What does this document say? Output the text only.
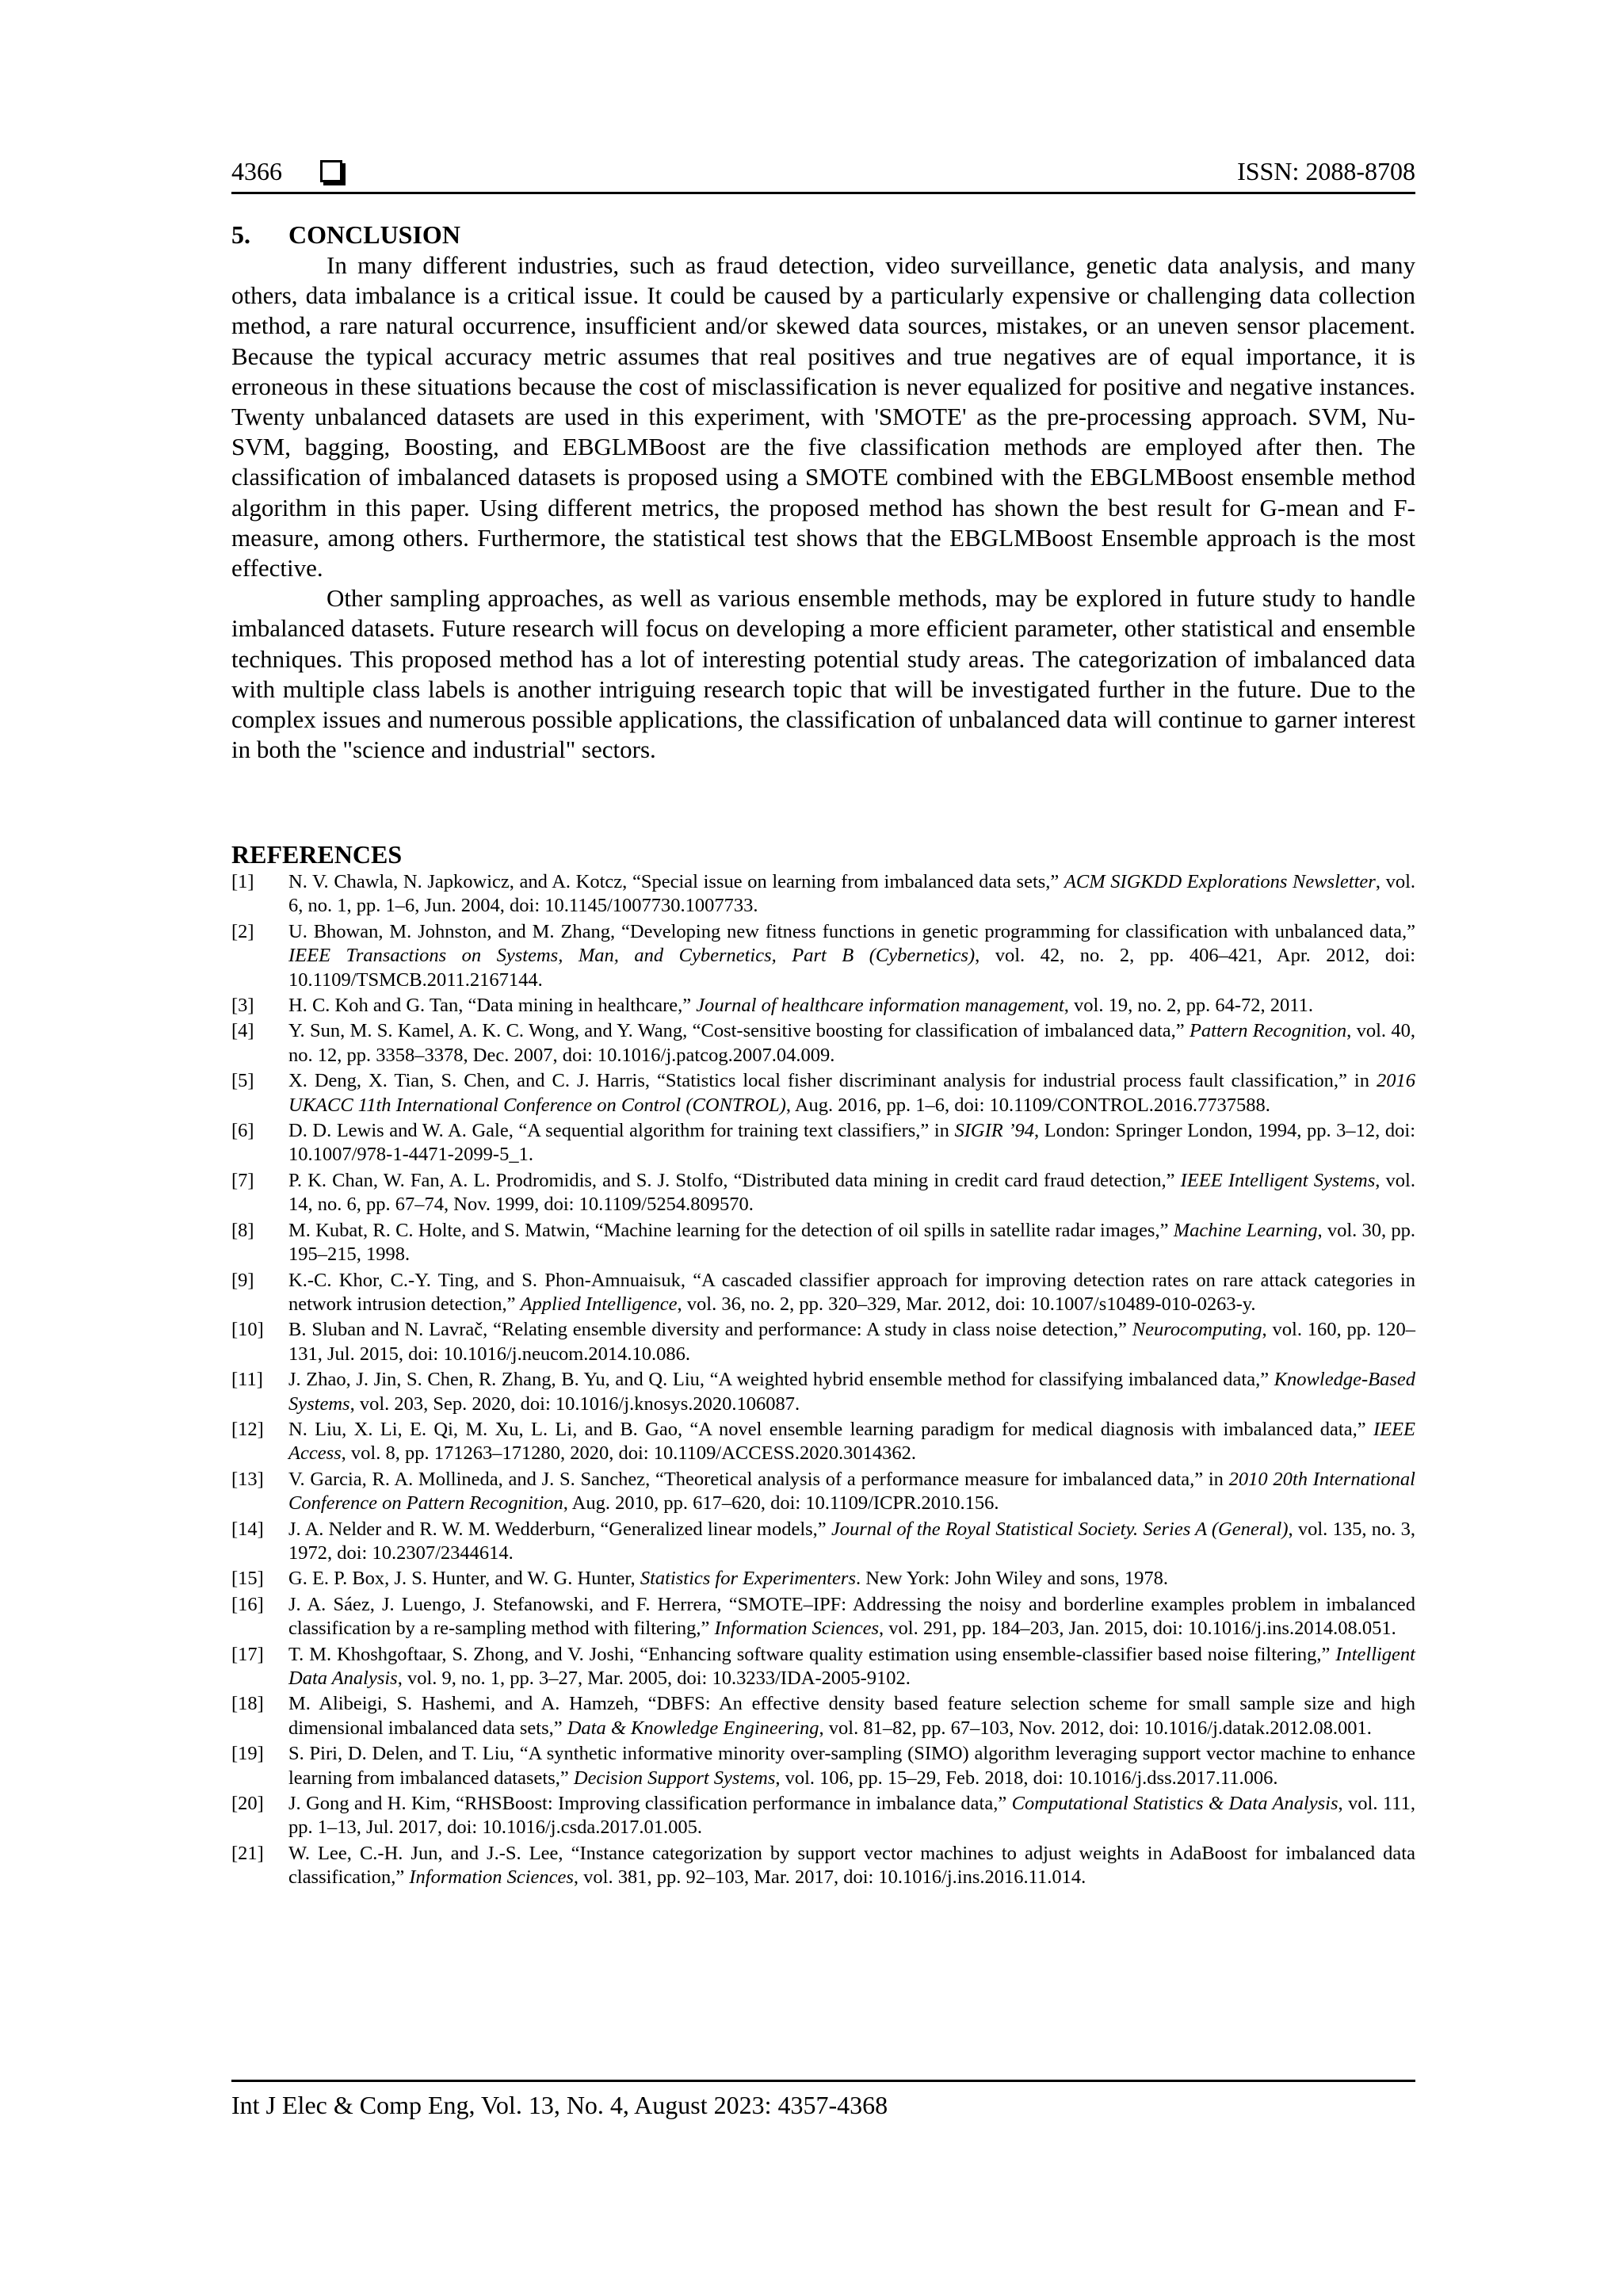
4366	ISSN: 2088-8708
5. CONCLUSION

In many different industries, such as fraud detection, video surveillance, genetic data analysis, and many others, data imbalance is a critical issue. It could be caused by a particularly expensive or challenging data collection method, a rare natural occurrence, insufficient and/or skewed data sources, mistakes, or an uneven sensor placement. Because the typical accuracy metric assumes that real positives and true negatives are of equal importance, it is erroneous in these situations because the cost of misclassification is never equalized for positive and negative instances. Twenty unbalanced datasets are used in this experiment, with 'SMOTE' as the pre-processing approach. SVM, Nu-SVM, bagging, Boosting, and EBGLMBoost are the five classification methods are employed after then. The classification of imbalanced datasets is proposed using a SMOTE combined with the EBGLMBoost ensemble method algorithm in this paper. Using different metrics, the proposed method has shown the best result for G-mean and F-measure, among others. Furthermore, the statistical test shows that the EBGLMBoost Ensemble approach is the most effective.

Other sampling approaches, as well as various ensemble methods, may be explored in future study to handle imbalanced datasets. Future research will focus on developing a more efficient parameter, other statistical and ensemble techniques. This proposed method has a lot of interesting potential study areas. The categorization of imbalanced data with multiple class labels is another intriguing research topic that will be investigated further in the future. Due to the complex issues and numerous possible applications, the classification of unbalanced data will continue to garner interest in both the "science and industrial" sectors.

REFERENCES
[1] N. V. Chawla, N. Japkowicz, and A. Kotcz, “Special issue on learning from imbalanced data sets,” ACM SIGKDD Explorations Newsletter, vol. 6, no. 1, pp. 1–6, Jun. 2004, doi: 10.1145/1007730.1007733.
[2] U. Bhowan, M. Johnston, and M. Zhang, “Developing new fitness functions in genetic programming for classification with unbalanced data,” IEEE Transactions on Systems, Man, and Cybernetics, Part B (Cybernetics), vol. 42, no. 2, pp. 406–421, Apr. 2012, doi: 10.1109/TSMCB.2011.2167144.
[3] H. C. Koh and G. Tan, “Data mining in healthcare,” Journal of healthcare information management, vol. 19, no. 2, pp. 64-72, 2011.
[4] Y. Sun, M. S. Kamel, A. K. C. Wong, and Y. Wang, “Cost-sensitive boosting for classification of imbalanced data,” Pattern Recognition, vol. 40, no. 12, pp. 3358–3378, Dec. 2007, doi: 10.1016/j.patcog.2007.04.009.
[5] X. Deng, X. Tian, S. Chen, and C. J. Harris, “Statistics local fisher discriminant analysis for industrial process fault classification,” in 2016 UKACC 11th International Conference on Control (CONTROL), Aug. 2016, pp. 1–6, doi: 10.1109/CONTROL.2016.7737588.
[6] D. D. Lewis and W. A. Gale, “A sequential algorithm for training text classifiers,” in SIGIR ’94, London: Springer London, 1994, pp. 3–12, doi: 10.1007/978-1-4471-2099-5_1.
[7] P. K. Chan, W. Fan, A. L. Prodromidis, and S. J. Stolfo, “Distributed data mining in credit card fraud detection,” IEEE Intelligent Systems, vol. 14, no. 6, pp. 67–74, Nov. 1999, doi: 10.1109/5254.809570.
[8] M. Kubat, R. C. Holte, and S. Matwin, “Machine learning for the detection of oil spills in satellite radar images,” Machine Learning, vol. 30, pp. 195–215, 1998.
[9] K.-C. Khor, C.-Y. Ting, and S. Phon-Amnuaisuk, “A cascaded classifier approach for improving detection rates on rare attack categories in network intrusion detection,” Applied Intelligence, vol. 36, no. 2, pp. 320–329, Mar. 2012, doi: 10.1007/s10489-010-0263-y.
[10] B. Sluban and N. Lavrač, “Relating ensemble diversity and performance: A study in class noise detection,” Neurocomputing, vol. 160, pp. 120–131, Jul. 2015, doi: 10.1016/j.neucom.2014.10.086.
[11] J. Zhao, J. Jin, S. Chen, R. Zhang, B. Yu, and Q. Liu, “A weighted hybrid ensemble method for classifying imbalanced data,” Knowledge-Based Systems, vol. 203, Sep. 2020, doi: 10.1016/j.knosys.2020.106087.
[12] N. Liu, X. Li, E. Qi, M. Xu, L. Li, and B. Gao, “A novel ensemble learning paradigm for medical diagnosis with imbalanced data,” IEEE Access, vol. 8, pp. 171263–171280, 2020, doi: 10.1109/ACCESS.2020.3014362.
[13] V. Garcia, R. A. Mollineda, and J. S. Sanchez, “Theoretical analysis of a performance measure for imbalanced data,” in 2010 20th International Conference on Pattern Recognition, Aug. 2010, pp. 617–620, doi: 10.1109/ICPR.2010.156.
[14] J. A. Nelder and R. W. M. Wedderburn, “Generalized linear models,” Journal of the Royal Statistical Society. Series A (General), vol. 135, no. 3, 1972, doi: 10.2307/2344614.
[15] G. E. P. Box, J. S. Hunter, and W. G. Hunter, Statistics for Experimenters. New York: John Wiley and sons, 1978.
[16] J. A. Sáez, J. Luengo, J. Stefanowski, and F. Herrera, “SMOTE–IPF: Addressing the noisy and borderline examples problem in imbalanced classification by a re-sampling method with filtering,” Information Sciences, vol. 291, pp. 184–203, Jan. 2015, doi: 10.1016/j.ins.2014.08.051.
[17] T. M. Khoshgoftaar, S. Zhong, and V. Joshi, “Enhancing software quality estimation using ensemble-classifier based noise filtering,” Intelligent Data Analysis, vol. 9, no. 1, pp. 3–27, Mar. 2005, doi: 10.3233/IDA-2005-9102.
[18] M. Alibeigi, S. Hashemi, and A. Hamzeh, “DBFS: An effective density based feature selection scheme for small sample size and high dimensional imbalanced data sets,” Data & Knowledge Engineering, vol. 81–82, pp. 67–103, Nov. 2012, doi: 10.1016/j.datak.2012.08.001.
[19] S. Piri, D. Delen, and T. Liu, “A synthetic informative minority over-sampling (SIMO) algorithm leveraging support vector machine to enhance learning from imbalanced datasets,” Decision Support Systems, vol. 106, pp. 15–29, Feb. 2018, doi: 10.1016/j.dss.2017.11.006.
[20] J. Gong and H. Kim, “RHSBoost: Improving classification performance in imbalance data,” Computational Statistics & Data Analysis, vol. 111, pp. 1–13, Jul. 2017, doi: 10.1016/j.csda.2017.01.005.
[21] W. Lee, C.-H. Jun, and J.-S. Lee, “Instance categorization by support vector machines to adjust weights in AdaBoost for imbalanced data classification,” Information Sciences, vol. 381, pp. 92–103, Mar. 2017, doi: 10.1016/j.ins.2016.11.014.
Int J Elec & Comp Eng, Vol. 13, No. 4, August 2023: 4357-4368
